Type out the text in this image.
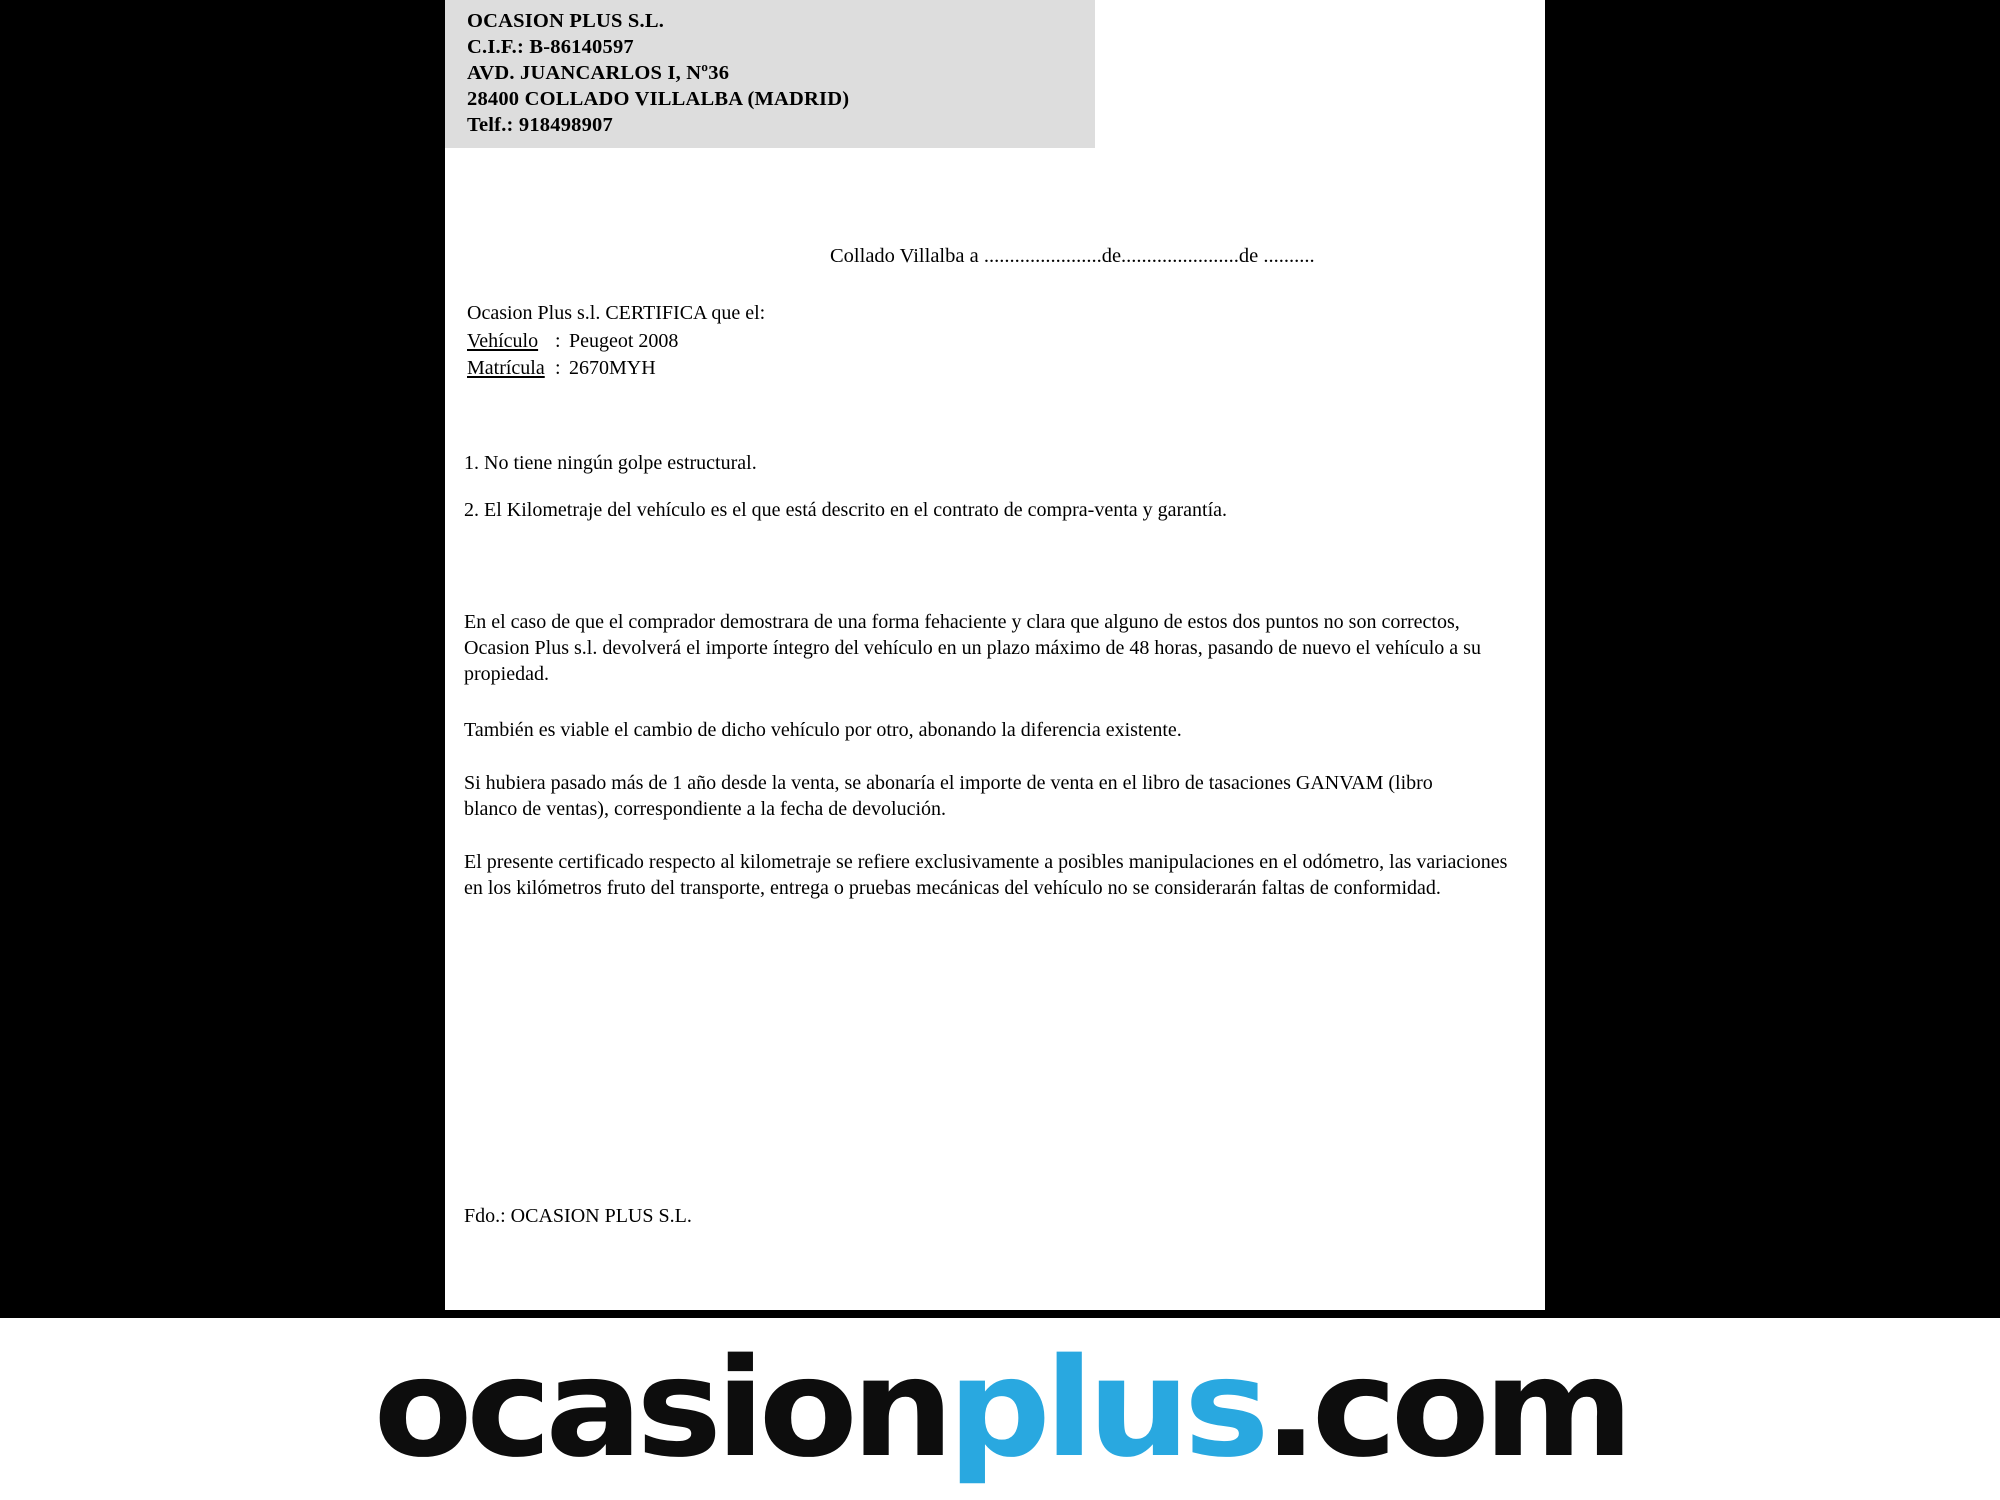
OCASION PLUS S.L.
C.I.F.: B-86140597
AVD. JUANCARLOS I, Nº36
28400 COLLADO VILLALBA (MADRID)
Telf.: 918498907
Collado Villalba a .......................de.......................de ..........
Ocasion Plus s.l. CERTIFICA que el:
Vehículo : Peugeot 2008
Matrícula : 2670MYH
1. No tiene ningún golpe estructural.
2. El Kilometraje del vehículo es el que está descrito en el contrato de compra-venta y garantía.
En el caso de que el comprador demostrara de una forma fehaciente y clara que alguno de estos dos puntos no son correctos, Ocasion Plus s.l. devolverá el importe íntegro del vehículo en un plazo máximo de 48 horas, pasando de nuevo el vehículo a su propiedad.
También es viable el cambio de dicho vehículo por otro, abonando la diferencia existente.
Si hubiera pasado más de 1 año desde la venta, se abonaría el importe de venta en el libro de tasaciones GANVAM (libro blanco de ventas), correspondiente a la fecha de devolución.
El presente certificado respecto al kilometraje se refiere exclusivamente a posibles manipulaciones en el odómetro, las variaciones en los kilómetros fruto del transporte, entrega o pruebas mecánicas del vehículo no se considerarán faltas de conformidad.
Fdo.: OCASION PLUS S.L.
ocasionplus.com
